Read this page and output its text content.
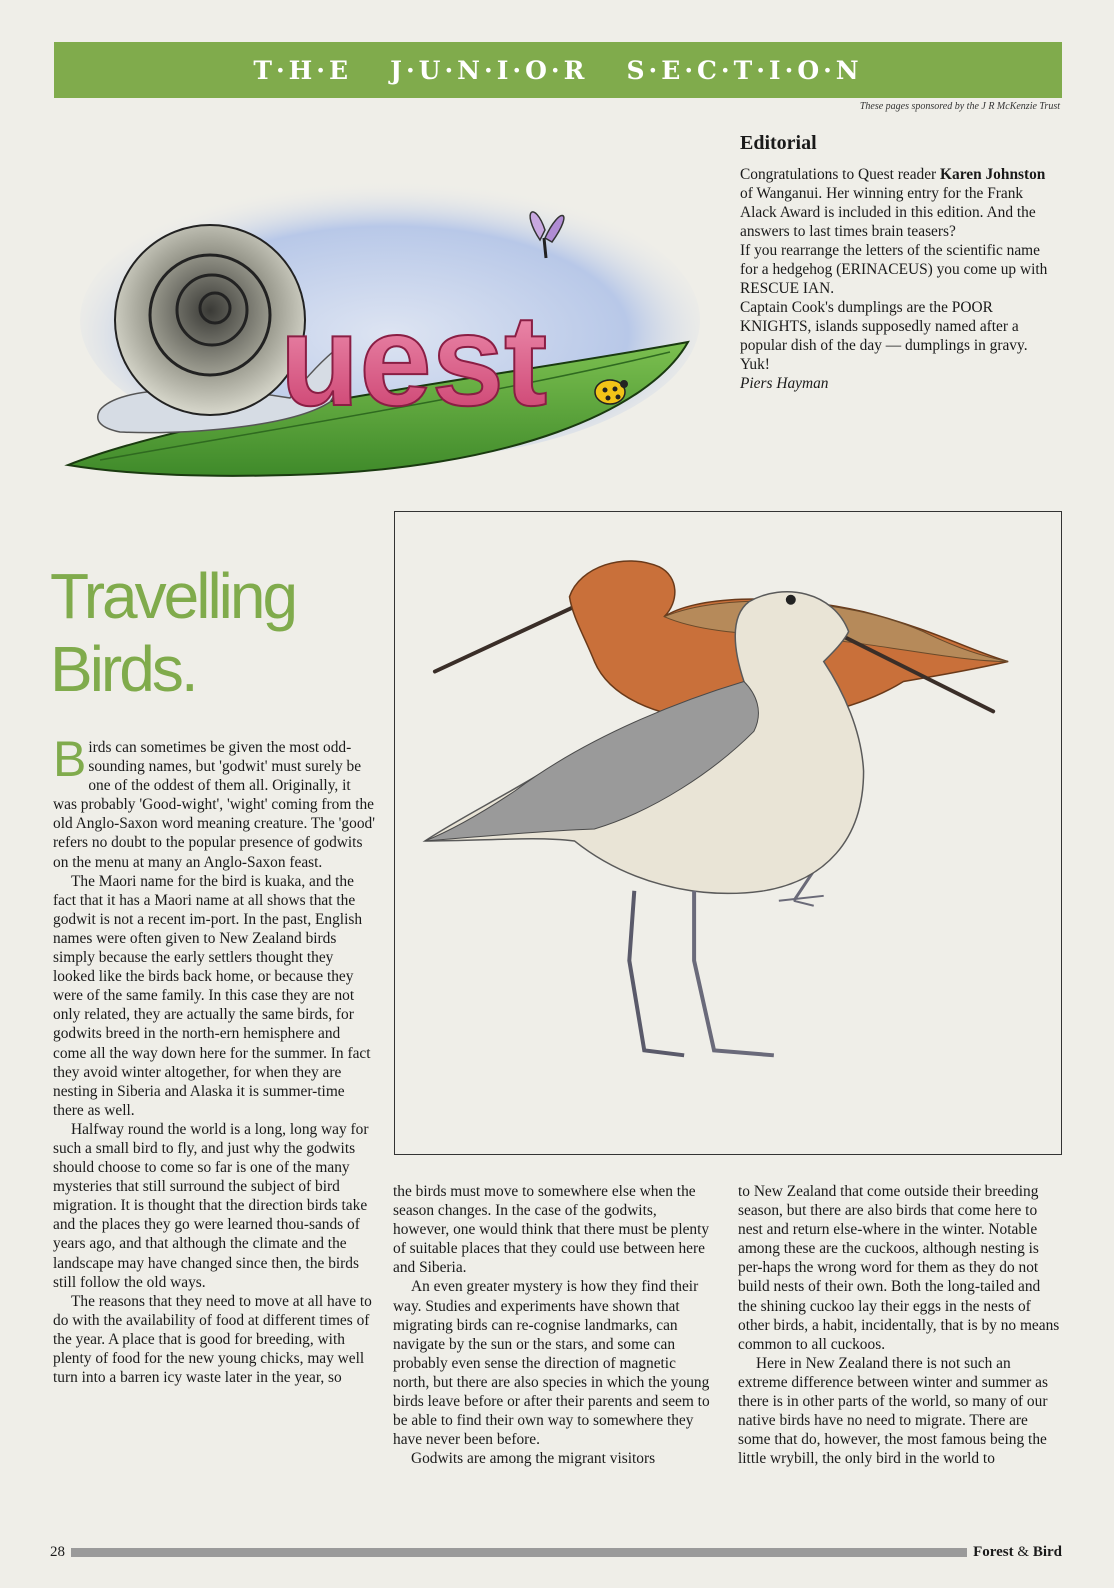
T·H·E   J·U·N·I·O·R   S·E·C·T·I·O·N
These pages sponsored by the J R McKenzie Trust
uest
Editorial

Congratulations to Quest reader Karen Johnston of Wanganui. Her winning entry for the Frank Alack Award is included in this edition. And the answers to last times brain teasers?

If you rearrange the letters of the scientific name for a hedgehog (ERINACEUS) you come up with RESCUE IAN.

Captain Cook's dumplings are the POOR KNIGHTS, islands supposedly named after a popular dish of the day — dumplings in gravy. Yuk!

Piers Hayman

Travelling
Birds.

Birds can sometimes be given the most odd-sounding names, but 'godwit' must surely be one of the oddest of them all. Originally, it was probably 'Good-wight', 'wight' coming from the old Anglo-Saxon word meaning creature. The 'good' refers no doubt to the popular presence of godwits on the menu at many an Anglo-Saxon feast.

The Maori name for the bird is kuaka, and the fact that it has a Maori name at all shows that the godwit is not a recent im-port. In the past, English names were often given to New Zealand birds simply because the early settlers thought they looked like the birds back home, or because they were of the same family. In this case they are not only related, they are actually the same birds, for godwits breed in the north-ern hemisphere and come all the way down here for the summer. In fact they avoid winter altogether, for when they are nesting in Siberia and Alaska it is summer-time there as well.

Halfway round the world is a long, long way for such a small bird to fly, and just why the godwits should choose to come so far is one of the many mysteries that still surround the subject of bird migration. It is thought that the direction birds take and the places they go were learned thou-sands of years ago, and that although the climate and the landscape may have changed since then, the birds still follow the old ways.

The reasons that they need to move at all have to do with the availability of food at different times of the year. A place that is good for breeding, with plenty of food for the new young chicks, may well turn into a barren icy waste later in the year, so

the birds must move to somewhere else when the season changes. In the case of the godwits, however, one would think that there must be plenty of suitable places that they could use between here and Siberia.

An even greater mystery is how they find their way. Studies and experiments have shown that migrating birds can re-cognise landmarks, can navigate by the sun or the stars, and some can probably even sense the direction of magnetic north, but there are also species in which the young birds leave before or after their parents and seem to be able to find their own way to somewhere they have never been before.

Godwits are among the migrant visitors

to New Zealand that come outside their breeding season, but there are also birds that come here to nest and return else-where in the winter. Notable among these are the cuckoos, although nesting is per-haps the wrong word for them as they do not build nests of their own. Both the long-tailed and the shining cuckoo lay their eggs in the nests of other birds, a habit, incidentally, that is by no means common to all cuckoos.

Here in New Zealand there is not such an extreme difference between winter and summer as there is in other parts of the world, so many of our native birds have no need to migrate. There are some that do, however, the most famous being the little wrybill, the only bird in the world to

28	Forest & Bird
